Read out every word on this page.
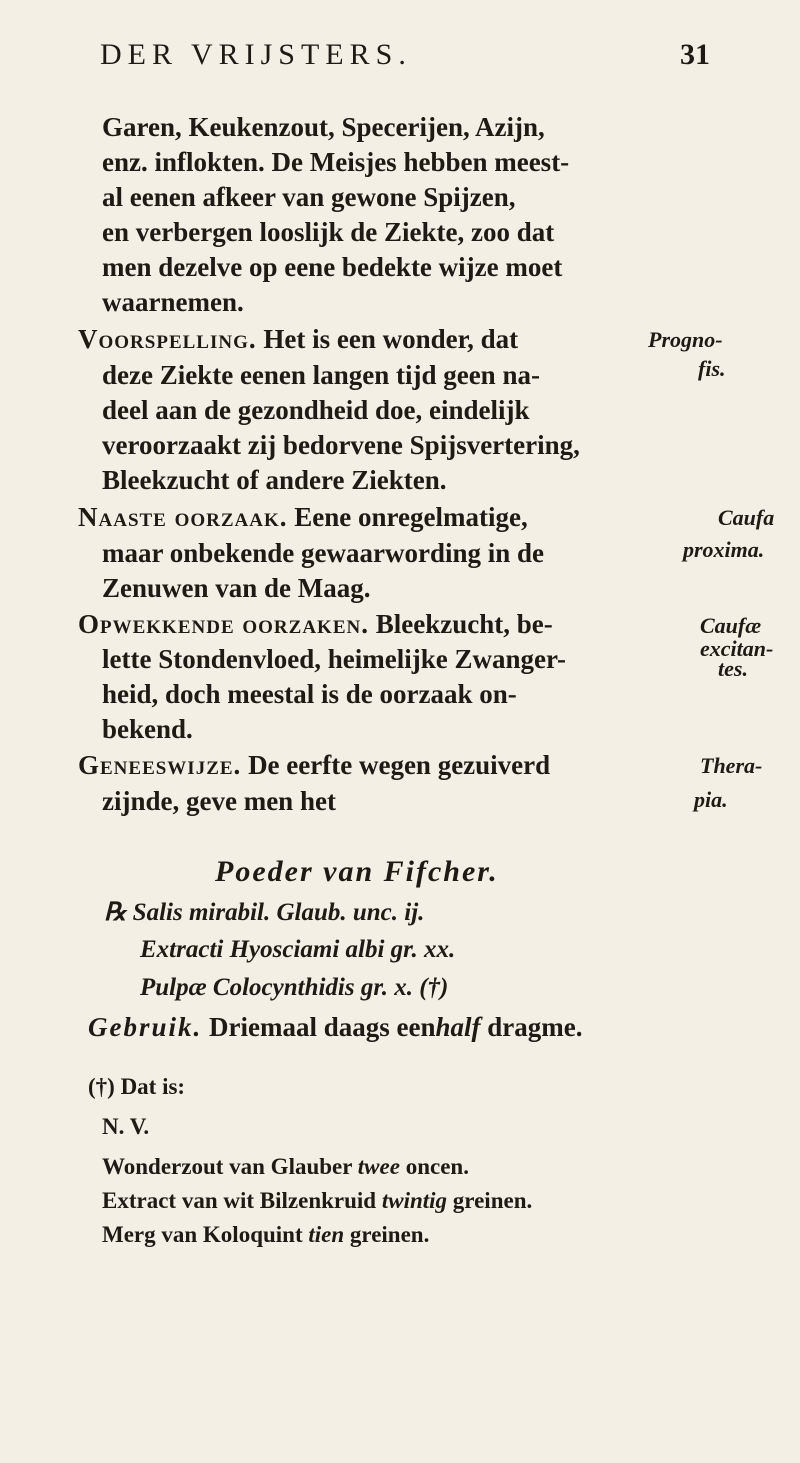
DER VRIJSTERS.	31
Garen, Keukenzout, Specerijen, Azijn,
enz. inflokten. De Meisjes hebben meest-
al eenen afkeer van gewone Spijzen,
en verbergen looslijk de Ziekte, zoo dat
men dezelve op eene bedekte wijze moet
waarnemen.
Voorspelling. Het is een wonder, dat	Progno-
fis.
deze Ziekte eenen langen tijd geen na-
deel aan de gezondheid doe, eindelijk
veroorzaakt zij bedorvene Spijsvertering,
Bleekzucht of andere Ziekten.
Naaste oorzaak. Eene onregelmatige,	Caufa
maar onbekende gewaarwording in de	proxima.
Zenuwen van de Maag.
Opwekkende oorzaken. Bleekzucht, be-	Caufæ
lette Stondenvloed, heimelijke Zwanger-	excitan-
tes.
heid, doch meestal is de oorzaak on-
bekend.
Geneeswijze. De eerfte wegen gezuiverd	Thera-
zijnde, geve men het	pia.
Poeder van Fifcher.
℞ Salis mirabil. Glaub. unc. ij.
Extracti Hyosciami albi gr. xx.
Pulpæ Colocynthidis gr. x. (†)
Gebruik. Driemaal daags eenhalf dragme.
(†) Dat is:
N. V.
Wonderzout van Glauber twee oncen.
Extract van wit Bilzenkruid twintig greinen.
Merg van Koloquint tien greinen.
